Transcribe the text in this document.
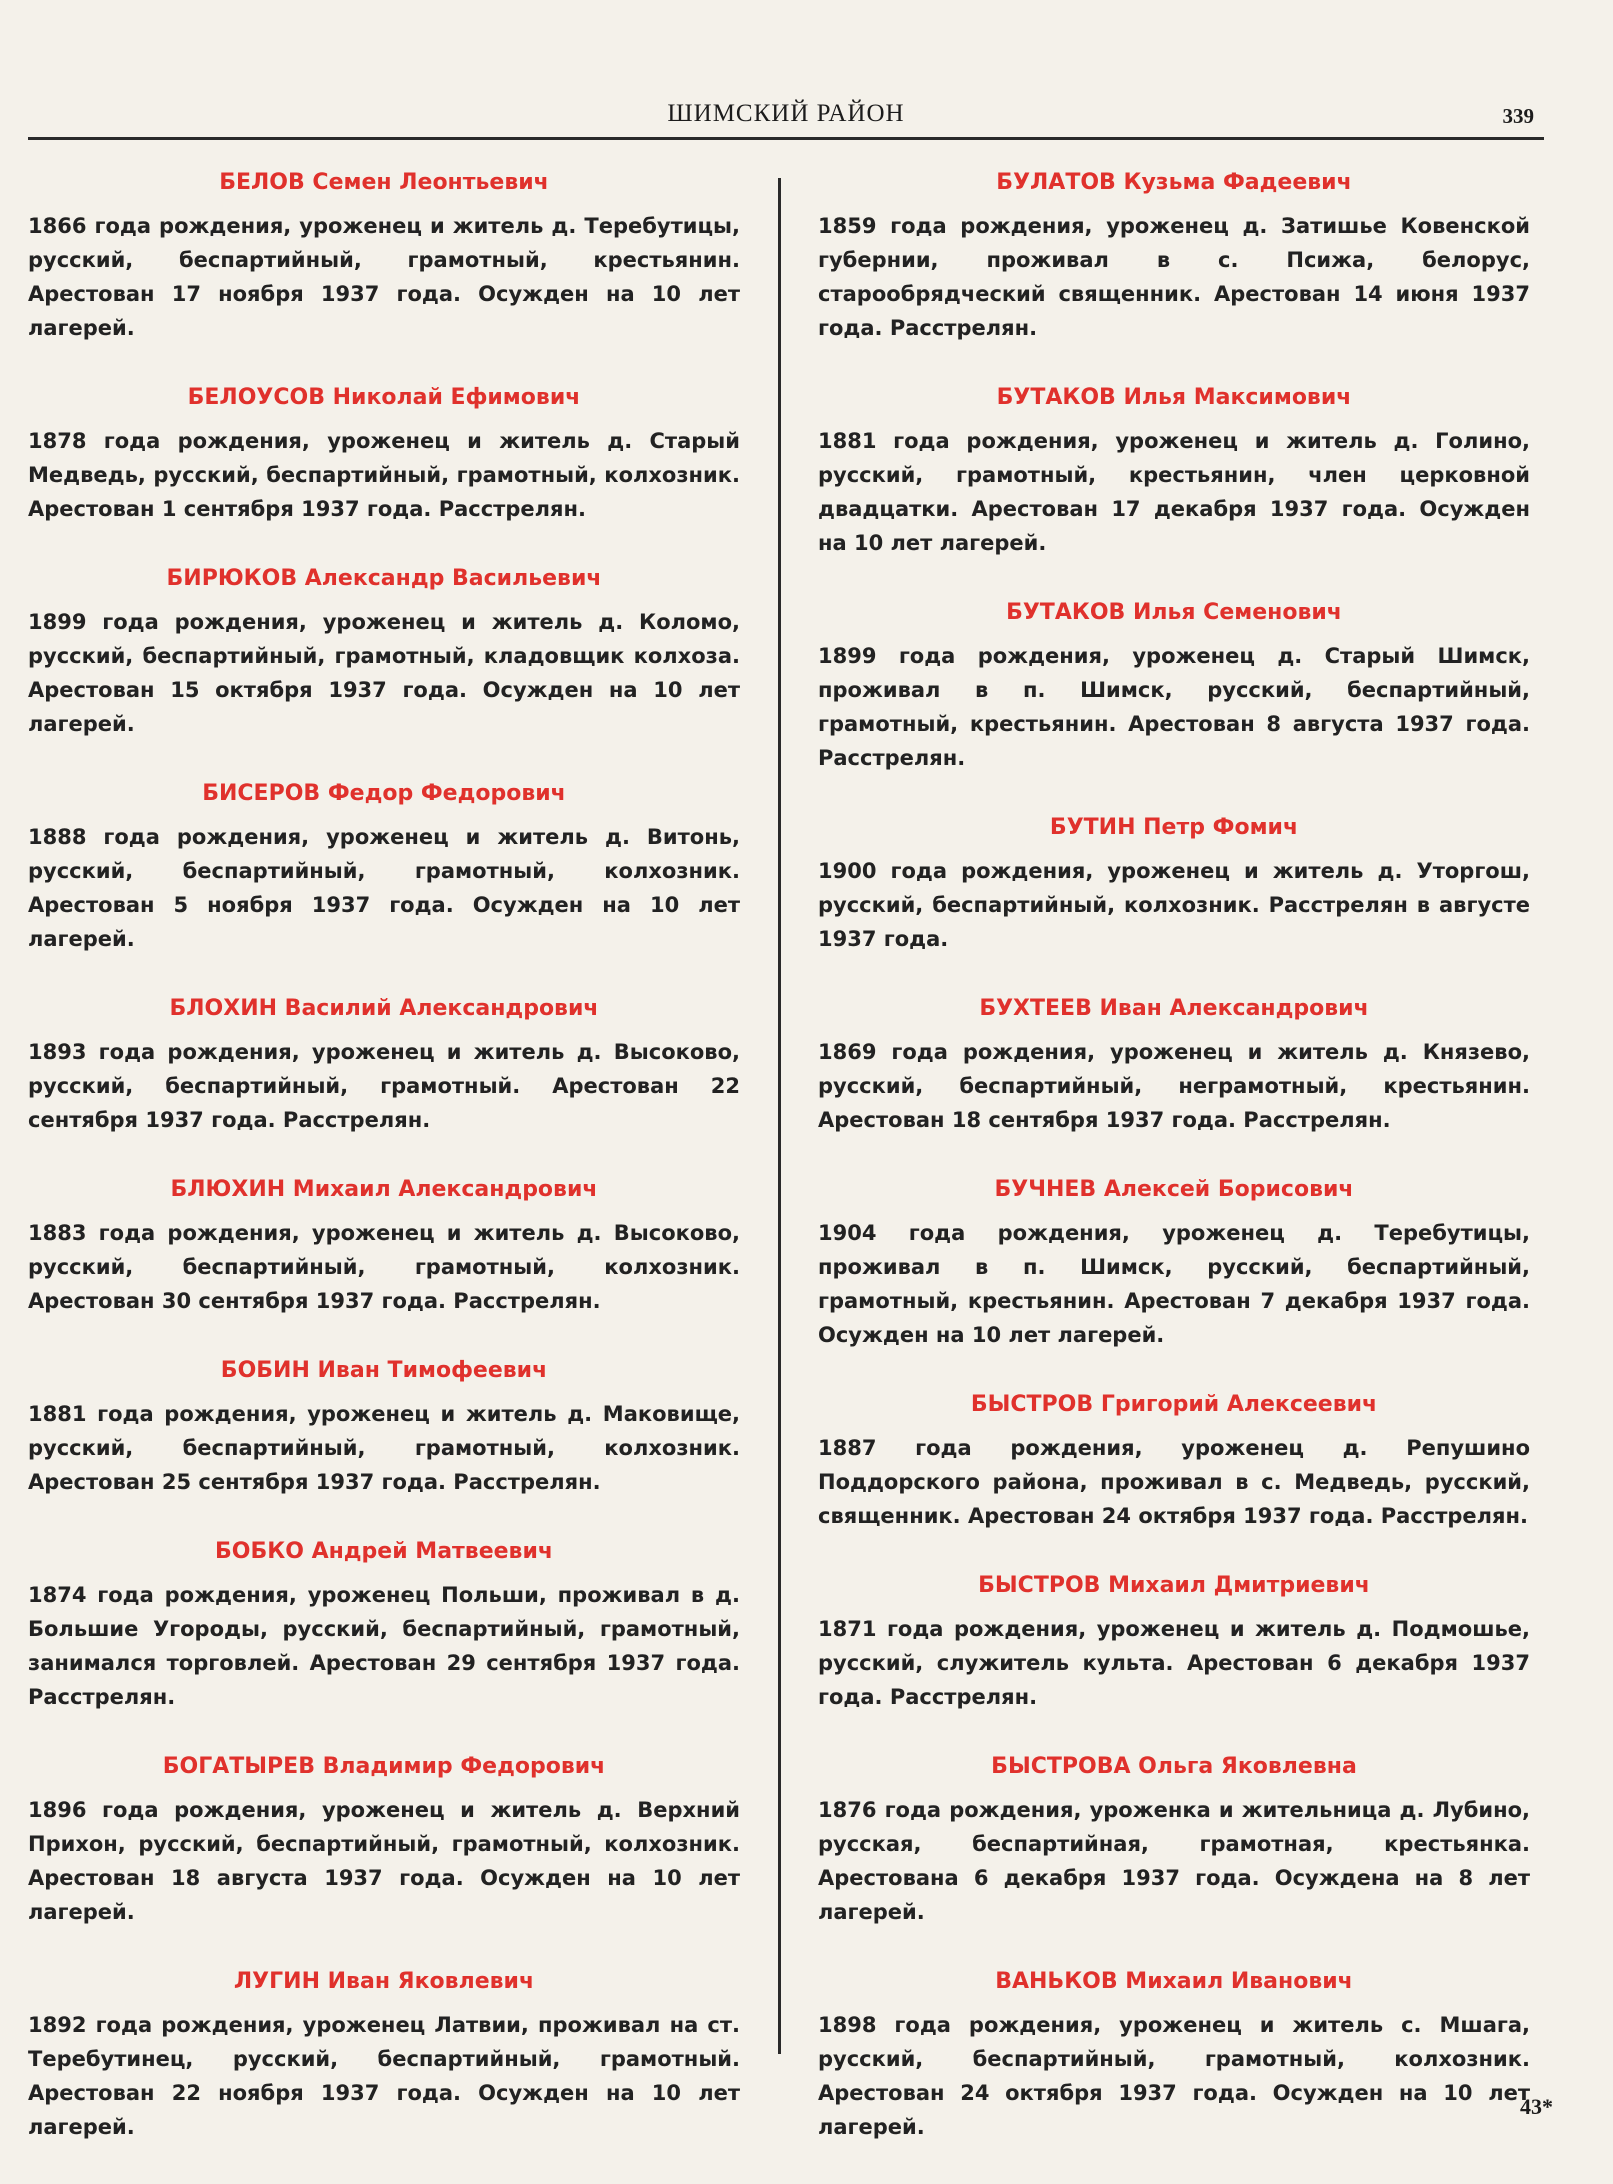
ШИМСКИЙ РАЙОН	339
БЕЛОВ Семен Леонтьевич
1866 года рождения, уроженец и житель д. Теребутицы, русский, беспартийный, грамотный, крестьянин. Арестован 17 ноября 1937 года. Осужден на 10 лет лагерей.
БЕЛОУСОВ Николай Ефимович
1878 года рождения, уроженец и житель д. Старый Медведь, русский, беспартийный, грамотный, колхозник. Арестован 1 сентября 1937 года. Расстрелян.
БИРЮКОВ Александр Васильевич
1899 года рождения, уроженец и житель д. Коломо, русский, беспартийный, грамотный, кладовщик колхоза. Арестован 15 октября 1937 года. Осужден на 10 лет лагерей.
БИСЕРОВ Федор Федорович
1888 года рождения, уроженец и житель д. Витонь, русский, беспартийный, грамотный, колхозник. Арестован 5 ноября 1937 года. Осужден на 10 лет лагерей.
БЛОХИН Василий Александрович
1893 года рождения, уроженец и житель д. Высоково, русский, беспартийный, грамотный. Арестован 22 сентября 1937 года. Расстрелян.
БЛЮХИН Михаил Александрович
1883 года рождения, уроженец и житель д. Высоково, русский, беспартийный, грамотный, колхозник. Арестован 30 сентября 1937 года. Расстрелян.
БОБИН Иван Тимофеевич
1881 года рождения, уроженец и житель д. Маковище, русский, беспартийный, грамотный, колхозник. Арестован 25 сентября 1937 года. Расстрелян.
БОБКО Андрей Матвеевич
1874 года рождения, уроженец Польши, проживал в д. Большие Угороды, русский, беспартийный, грамотный, занимался торговлей. Арестован 29 сентября 1937 года. Расстрелян.
БОГАТЫРЕВ Владимир Федорович
1896 года рождения, уроженец и житель д. Верхний Прихон, русский, беспартийный, грамотный, колхозник. Арестован 18 августа 1937 года. Осужден на 10 лет лагерей.
ЛУГИН Иван Яковлевич
1892 года рождения, уроженец Латвии, проживал на ст. Теребутинец, русский, беспартийный, грамотный. Арестован 22 ноября 1937 года. Осужден на 10 лет лагерей.
БУЛАТОВ Кузьма Фадеевич
1859 года рождения, уроженец д. Затишье Ковенской губернии, проживал в с. Псижа, белорус, старообрядческий священник. Арестован 14 июня 1937 года. Расстрелян.
БУТАКОВ Илья Максимович
1881 года рождения, уроженец и житель д. Голино, русский, грамотный, крестьянин, член церковной двадцатки. Арестован 17 декабря 1937 года. Осужден на 10 лет лагерей.
БУТАКОВ Илья Семенович
1899 года рождения, уроженец д. Старый Шимск, проживал в п. Шимск, русский, беспартийный, грамотный, крестьянин. Арестован 8 августа 1937 года. Расстрелян.
БУТИН Петр Фомич
1900 года рождения, уроженец и житель д. Уторгош, русский, беспартийный, колхозник. Расстрелян в августе 1937 года.
БУХТЕЕВ Иван Александрович
1869 года рождения, уроженец и житель д. Князево, русский, беспартийный, неграмотный, крестьянин. Арестован 18 сентября 1937 года. Расстрелян.
БУЧНЕВ Алексей Борисович
1904 года рождения, уроженец д. Теребутицы, проживал в п. Шимск, русский, беспартийный, грамотный, крестьянин. Арестован 7 декабря 1937 года. Осужден на 10 лет лагерей.
БЫСТРОВ Григорий Алексеевич
1887 года рождения, уроженец д. Репушино Поддорского района, проживал в с. Медведь, русский, священник. Арестован 24 октября 1937 года. Расстрелян.
БЫСТРОВ Михаил Дмитриевич
1871 года рождения, уроженец и житель д. Подмошье, русский, служитель культа. Арестован 6 декабря 1937 года. Расстрелян.
БЫСТРОВА Ольга Яковлевна
1876 года рождения, уроженка и жительница д. Лубино, русская, беспартийная, грамотная, крестьянка. Арестована 6 декабря 1937 года. Осуждена на 8 лет лагерей.
ВАНЬКОВ Михаил Иванович
1898 года рождения, уроженец и житель с. Мшага, русский, беспартийный, грамотный, колхозник. Арестован 24 октября 1937 года. Осужден на 10 лет лагерей.
43*
